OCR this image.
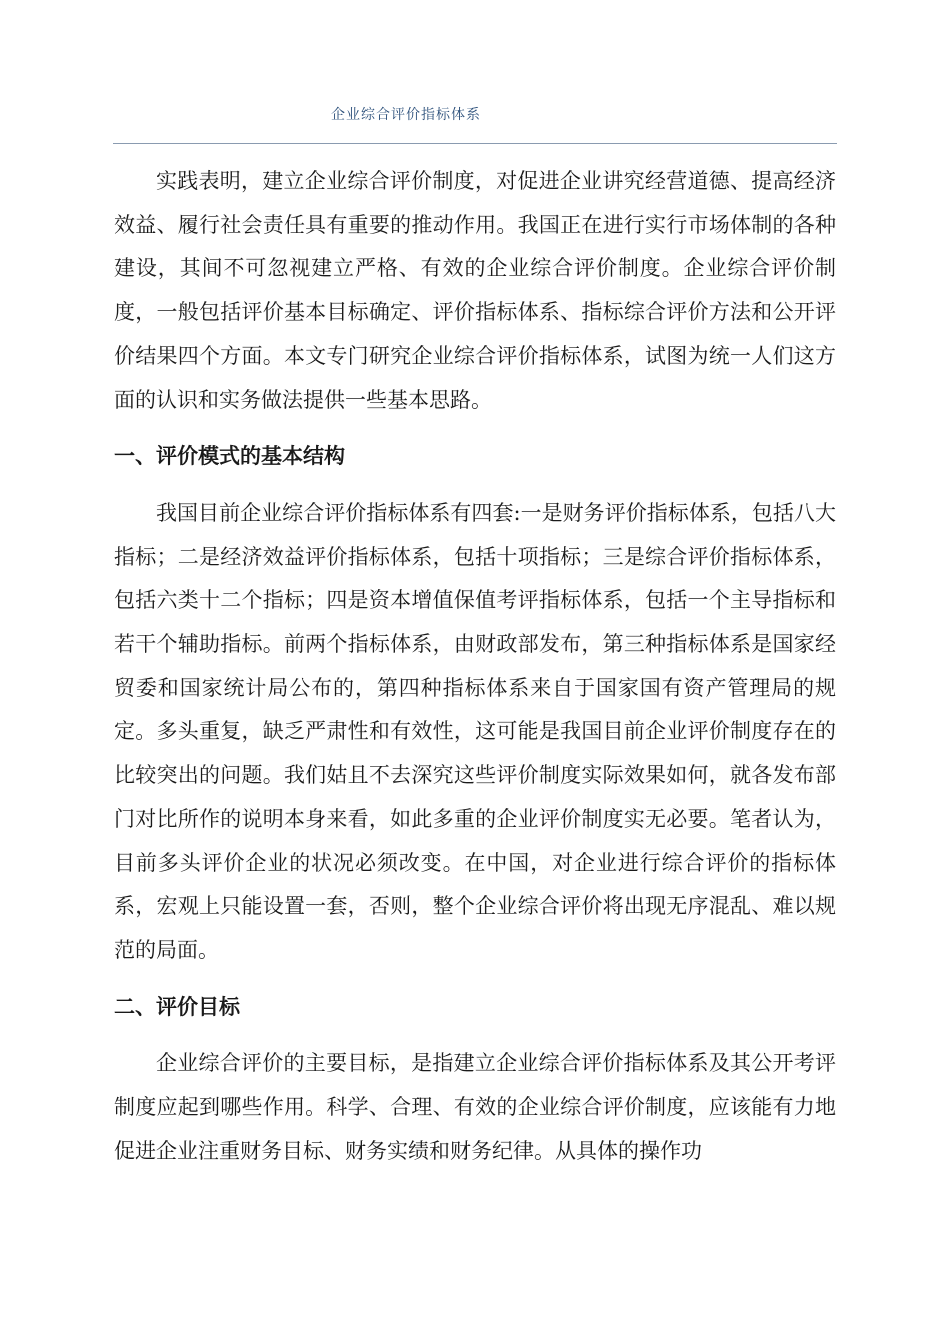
企业综合评价指标体系

实践表明，建立企业综合评价制度，对促进企业讲究经营道德、提高经济效益、履行社会责任具有重要的推动作用。我国正在进行实行市场体制的各种建设，其间不可忽视建立严格、有效的企业综合评价制度。企业综合评价制度，一般包括评价基本目标确定、评价指标体系、指标综合评价方法和公开评价结果四个方面。本文专门研究企业综合评价指标体系，试图为统一人们这方面的认识和实务做法提供一些基本思路。

一、评价模式的基本结构

我国目前企业综合评价指标体系有四套:一是财务评价指标体系，包括八大指标；二是经济效益评价指标体系，包括十项指标；三是综合评价指标体系，包括六类十二个指标；四是资本增值保值考评指标体系，包括一个主导指标和若干个辅助指标。前两个指标体系，由财政部发布，第三种指标体系是国家经贸委和国家统计局公布的，第四种指标体系来自于国家国有资产管理局的规定。多头重复，缺乏严肃性和有效性，这可能是我国目前企业评价制度存在的比较突出的问题。我们姑且不去深究这些评价制度实际效果如何，就各发布部门对比所作的说明本身来看，如此多重的企业评价制度实无必要。笔者认为，目前多头评价企业的状况必须改变。在中国，对企业进行综合评价的指标体系，宏观上只能设置一套，否则，整个企业综合评价将出现无序混乱、难以规范的局面。

二、评价目标

企业综合评价的主要目标，是指建立企业综合评价指标体系及其公开考评制度应起到哪些作用。科学、合理、有效的企业综合评价制度，应该能有力地促进企业注重财务目标、财务实绩和财务纪律。从具体的操作功
